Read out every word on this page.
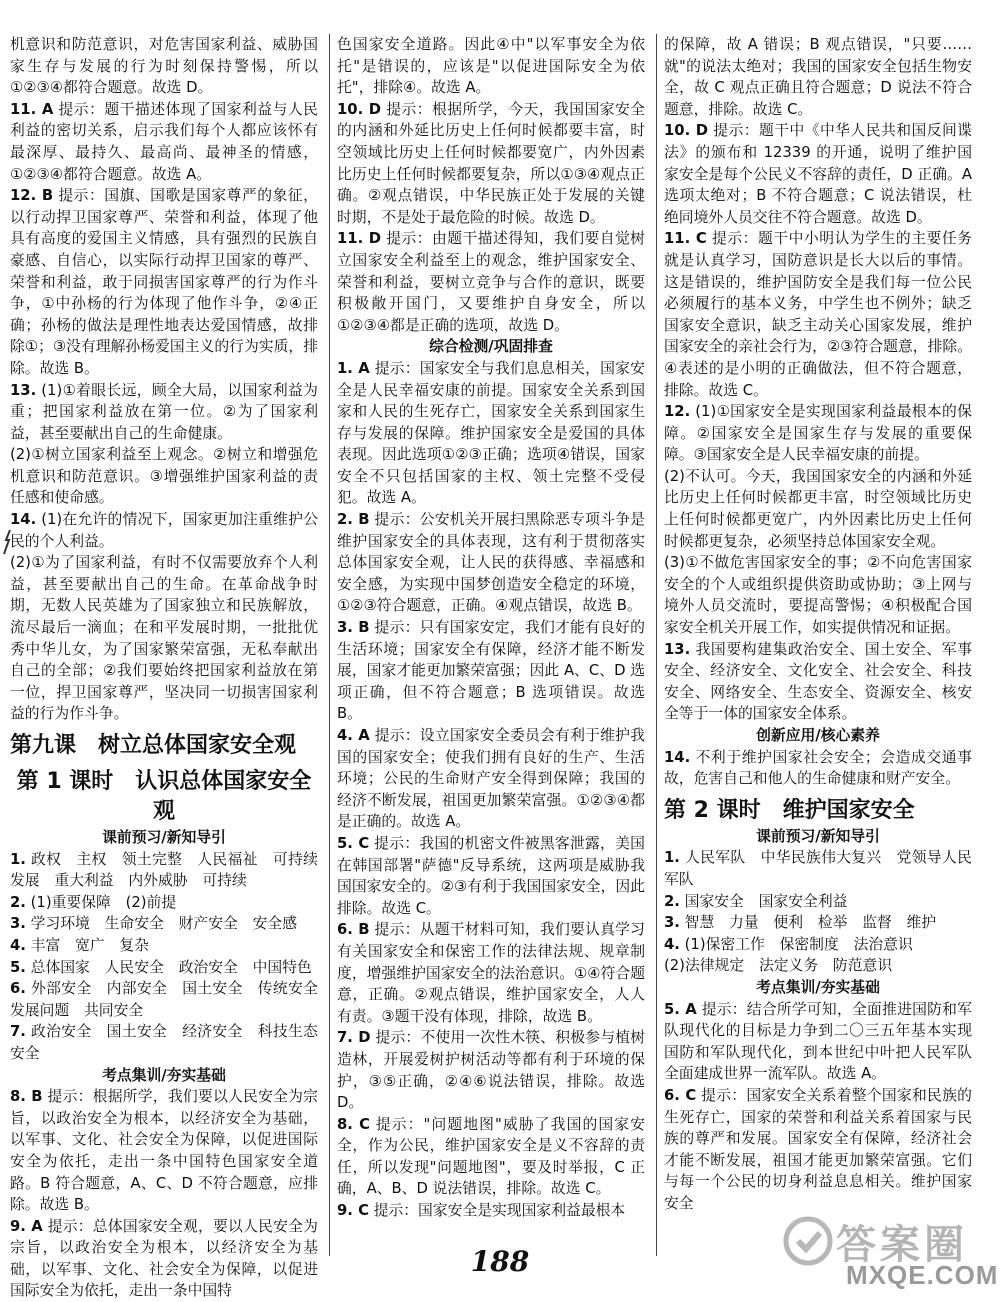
机意识和防范意识，对危害国家利益、威胁国家生存与发展的行为时刻保持警惕，所以①②③④都符合题意。故选 D。

11. A 提示：题干描述体现了国家利益与人民利益的密切关系，启示我们每个人都应该怀有最深厚、最持久、最高尚、最神圣的情感，①②③④都符合题意。故选 A。

12. B 提示：国旗、国歌是国家尊严的象征，以行动捍卫国家尊严、荣誉和利益，体现了他具有高度的爱国主义情感，具有强烈的民族自豪感、自信心，以实际行动捍卫国家的尊严、荣誉和利益，敢于同损害国家尊严的行为作斗争，①中孙杨的行为体现了他作斗争，②④正确；孙杨的做法是理性地表达爱国情感，故排除①；③没有理解孙杨爱国主义的行为实质，排除。故选 B。

13. (1)①着眼长远，顾全大局，以国家利益为重；把国家利益放在第一位。②为了国家利益，甚至要献出自己的生命健康。

(2)①树立国家利益至上观念。②树立和增强危机意识和防范意识。③增强维护国家利益的责任感和使命感。

14. (1)在允许的情况下，国家更加注重维护公民的个人利益。

(2)①为了国家利益，有时不仅需要放弃个人利益，甚至要献出自己的生命。在革命战争时期，无数人民英雄为了国家独立和民族解放，流尽最后一滴血；在和平发展时期，一批批优秀中华儿女，为了国家繁荣富强，无私奉献出自己的全部；②我们要始终把国家利益放在第一位，捍卫国家尊严，坚决同一切损害国家利益的行为作斗争。

第九课　树立总体国家安全观
第 1 课时　认识总体国家安全观
课前预习/新知导引

1. 政权　主权　领土完整　人民福祉　可持续发展　重大利益　内外威胁　可持续

2. (1)重要保障　(2)前提

3. 学习环境　生命安全　财产安全　安全感

4. 丰富　宽广　复杂

5. 总体国家　人民安全　政治安全　中国特色

6. 外部安全　内部安全　国土安全　传统安全　发展问题　共同安全

7. 政治安全　国土安全　经济安全　科技生态安全

考点集训/夯实基础

8. B 提示：根据所学，我们要以人民安全为宗旨，以政治安全为根本，以经济安全为基础，以军事、文化、社会安全为保障，以促进国际安全为依托，走出一条中国特色国家安全道路。B 符合题意，A、C、D 不符合题意，应排除。故选 B。

9. A 提示：总体国家安全观，要以人民安全为宗旨，以政治安全为根本，以经济安全为基础，以军事、文化、社会安全为保障，以促进国际安全为依托，走出一条中国特

色国家安全道路。因此④中"以军事安全为依托"是错误的，应该是"以促进国际安全为依托"，排除④。故选 A。

10. D 提示：根据所学，今天，我国国家安全的内涵和外延比历史上任何时候都要丰富，时空领域比历史上任何时候都要宽广，内外因素比历史上任何时候都要复杂，所以①③④观点正确。②观点错误，中华民族正处于发展的关键时期，不是处于最危险的时候。故选 D。

11. D 提示：由题干描述得知，我们要自觉树立国家安全利益至上的观念，维护国家安全、荣誉和利益，要树立竞争与合作的意识，既要积极敞开国门，又要维护自身安全，所以①②③④都是正确的选项，故选 D。

综合检测/巩固排查

1. A 提示：国家安全与我们息息相关，国家安全是人民幸福安康的前提。国家安全关系到国家和人民的生死存亡，国家安全关系到国家生存与发展的保障。维护国家安全是爱国的具体表现。因此选项①②③正确；选项④错误，国家安全不只包括国家的主权、领土完整不受侵犯。故选 A。

2. B 提示：公安机关开展扫黑除恶专项斗争是维护国家安全的具体表现，这有利于贯彻落实总体国家安全观，让人民的获得感、幸福感和安全感，为实现中国梦创造安全稳定的环境，①②③符合题意，正确。④观点错误，故选 B。

3. B 提示：只有国家安定，我们才能有良好的生活环境；国家安全有保障，经济才能不断发展，国家才能更加繁荣富强；因此 A、C、D 选项正确，但不符合题意；B 选项错误。故选 B。

4. A 提示：设立国家安全委员会有利于维护我国的国家安全；使我们拥有良好的生产、生活环境；公民的生命财产安全得到保障；我国的经济不断发展，祖国更加繁荣富强。①②③④都是正确的。故选 A。

5. C 提示：我国的机密文件被黑客泄露，美国在韩国部署"萨德"反导系统，这两项是威胁我国国家安全的。②③有利于我国国家安全，因此排除。故选 C。

6. B 提示：从题干材料可知，我们要认真学习有关国家安全和保密工作的法律法规、规章制度，增强维护国家安全的法治意识。①④符合题意，正确。②观点错误，维护国家安全，人人有责。③题干没有体现，排除，故选 B。

7. D 提示：不使用一次性木筷、积极参与植树造林，开展爱树护树活动等都有利于环境的保护，③⑤正确，②④⑥说法错误，排除。故选 D。

8. C 提示："问题地图"威胁了我国的国家安全，作为公民，维护国家安全是义不容辞的责任，所以发现"问题地图"，要及时举报，C 正确，A、B、D 说法错误，排除。故选 C。

9. C 提示：国家安全是实现国家利益最根本

的保障，故 A 错误；B 观点错误，"只要……就"的说法太绝对；我国的国家安全包括生物安全，故 C 观点正确且符合题意；D 说法不符合题意，排除。故选 C。

10. D 提示：题干中《中华人民共和国反间谍法》的颁布和 12339 的开通，说明了维护国家安全是每个公民义不容辞的责任，D 正确。A 选项太绝对；B 不符合题意；C 说法错误，杜绝同境外人员交往不符合题意。故选 D。

11. C 提示：题干中小明认为学生的主要任务就是认真学习，国防意识是长大以后的事情。这是错误的，维护国防安全是我们每一位公民必须履行的基本义务，中学生也不例外；缺乏国家安全意识，缺乏主动关心国家发展，维护国家安全的亲社会行为，②③符合题意，排除。④表述的是小明的正确做法，但不符合题意，排除。故选 C。

12. (1)①国家安全是实现国家利益最根本的保障。②国家安全是国家生存与发展的重要保障。③国家安全是人民幸福安康的前提。

(2)不认可。今天，我国国家安全的内涵和外延比历史上任何时候都更丰富，时空领域比历史上任何时候都更宽广，内外因素比历史上任何时候都更复杂，必须坚持总体国家安全观。

(3)①不做危害国家安全的事；②不向危害国家安全的个人或组织提供资助或协助；③上网与境外人员交流时，要提高警惕；④积极配合国家安全机关开展工作，如实提供情况和证据。

13. 我国要构建集政治安全、国土安全、军事安全、经济安全、文化安全、社会安全、科技安全、网络安全、生态安全、资源安全、核安全等于一体的国家安全体系。

创新应用/核心素养

14. 不利于维护国家社会安全；会造成交通事故，危害自己和他人的生命健康和财产安全。

第 2 课时　维护国家安全
课前预习/新知导引

1. 人民军队　中华民族伟大复兴　党领导人民军队

2. 国家安全　国家安全利益

3. 智慧　力量　便利　检举　监督　维护

4. (1)保密工作　保密制度　法治意识

(2)法律规定　法定义务　防范意识

考点集训/夯实基础

5. A 提示：结合所学可知，全面推进国防和军队现代化的目标是力争到二〇三五年基本实现国防和军队现代化，到本世纪中叶把人民军队全面建成世界一流军队。故选 A。

6. C 提示：国家安全关系着整个国家和民族的生死存亡，国家的荣誉和利益关系着国家与民族的尊严和发展。国家安全有保障，经济社会才能不断发展，祖国才能更加繁荣富强。它们与每一个公民的切身利益息息相关。维护国家安全

188	答案圈
MXQE.COM
